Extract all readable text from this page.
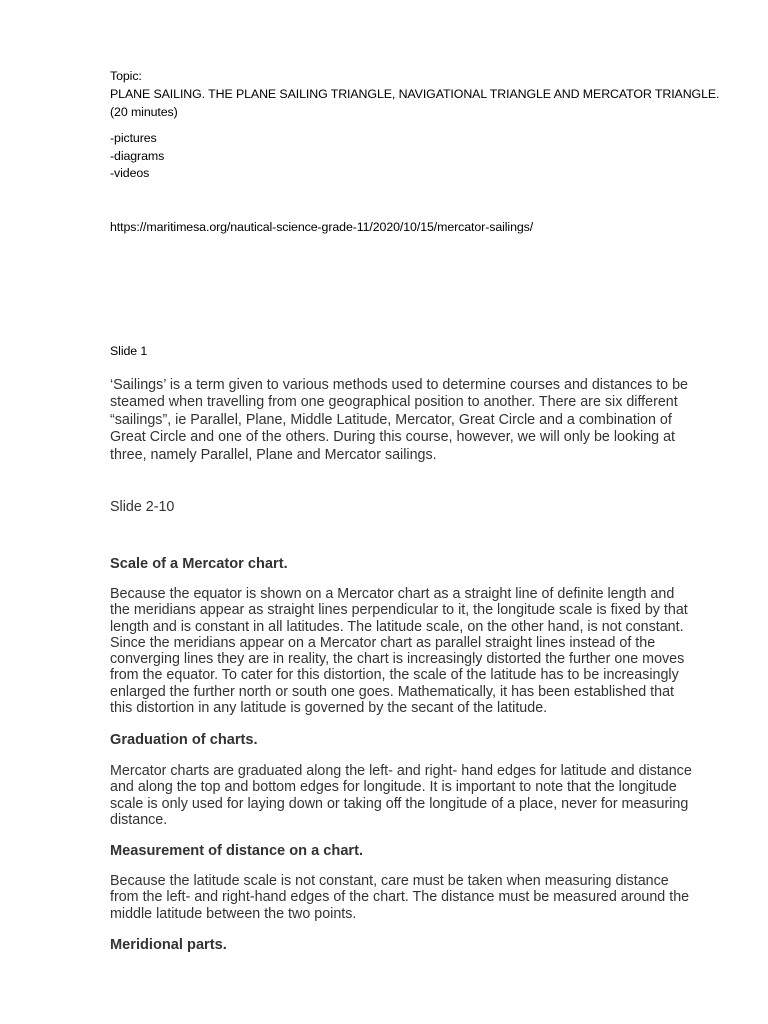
Topic:

PLANE SAILING. THE PLANE SAILING TRIANGLE, NAVIGATIONAL TRIANGLE AND MERCATOR TRIANGLE.

(20 minutes)

-pictures
-diagrams
-videos

https://maritimesa.org/nautical-science-grade-11/2020/10/15/mercator-sailings/

Slide 1

‘Sailings’ is a term given to various methods used to determine courses and distances to be
steamed when travelling from one geographical position to another. There are six different
“sailings”, ie Parallel, Plane, Middle Latitude, Mercator, Great Circle and a combination of
Great Circle and one of the others. During this course, however, we will only be looking at
three, namely Parallel, Plane and Mercator sailings.

Slide 2-10

Scale of a Mercator chart.

Because the equator is shown on a Mercator chart as a straight line of definite length and
the meridians appear as straight lines perpendicular to it, the longitude scale is fixed by that
length and is constant in all latitudes. The latitude scale, on the other hand, is not constant.
Since the meridians appear on a Mercator chart as parallel straight lines instead of the
converging lines they are in reality, the chart is increasingly distorted the further one moves
from the equator. To cater for this distortion, the scale of the latitude has to be increasingly
enlarged the further north or south one goes. Mathematically, it has been established that
this distortion in any latitude is governed by the secant of the latitude.

Graduation of charts.

Mercator charts are graduated along the left- and right- hand edges for latitude and distance
and along the top and bottom edges for longitude. It is important to note that the longitude
scale is only used for laying down or taking off the longitude of a place, never for measuring
distance.

Measurement of distance on a chart.

Because the latitude scale is not constant, care must be taken when measuring distance
from the left- and right-hand edges of the chart. The distance must be measured around the
middle latitude between the two points.

Meridional parts.
